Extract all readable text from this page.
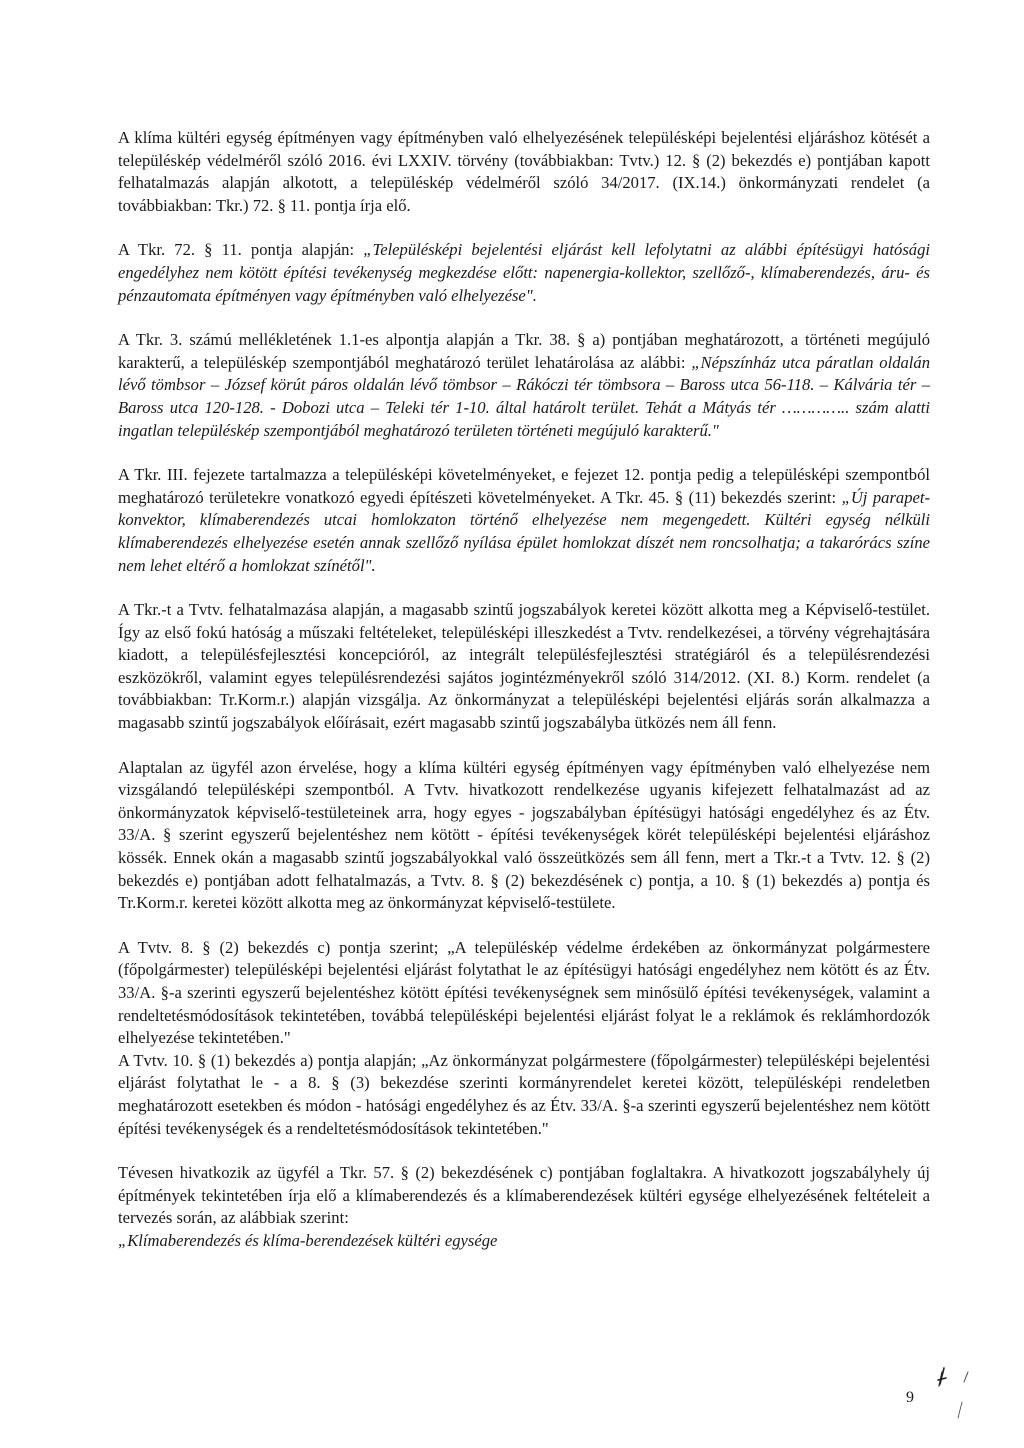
A klíma kültéri egység építményen vagy építményben való elhelyezésének településképi bejelentési eljáráshoz kötését a településkép védelméről szóló 2016. évi LXXIV. törvény (továbbiakban: Tvtv.) 12. § (2) bekezdés e) pontjában kapott felhatalmazás alapján alkotott, a településkép védelméről szóló 34/2017. (IX.14.) önkormányzati rendelet (a továbbiakban: Tkr.) 72. § 11. pontja írja elő.

A Tkr. 72. § 11. pontja alapján: „Településképi bejelentési eljárást kell lefolytatni az alábbi építésügyi hatósági engedélyhez nem kötött építési tevékenység megkezdése előtt: napenergia-kollektor, szellőző-, klímaberendezés, áru- és pénzautomata építményen vagy építményben való elhelyezése".

A Tkr. 3. számú mellékletének 1.1-es alpontja alapján a Tkr. 38. § a) pontjában meghatározott, a történeti megújuló karakterű, a településkép szempontjából meghatározó terület lehatárolása az alábbi: „Népszínház utca páratlan oldalán lévő tömbsor – József körút páros oldalán lévő tömbsor – Rákóczi tér tömbsora – Baross utca 56-118. – Kálvária tér – Baross utca 120-128. - Dobozi utca – Teleki tér 1-10. által határolt terület. Tehát a Mátyás tér ………….. szám alatti ingatlan településkép szempontjából meghatározó területen történeti megújuló karakterű."

A Tkr. III. fejezete tartalmazza a településképi követelményeket, e fejezet 12. pontja pedig a településképi szempontból meghatározó területekre vonatkozó egyedi építészeti követelményeket. A Tkr. 45. § (11) bekezdés szerint: „Új parapet-konvektor, klímaberendezés utcai homlokzaton történő elhelyezése nem megengedett. Kültéri egység nélküli klímaberendezés elhelyezése esetén annak szellőző nyílása épület homlokzat díszét nem roncsolhatja; a takarórács színe nem lehet eltérő a homlokzat színétől".

A Tkr.-t a Tvtv. felhatalmazása alapján, a magasabb szintű jogszabályok keretei között alkotta meg a Képviselő-testület. Így az első fokú hatóság a műszaki feltételeket, településképi illeszkedést a Tvtv. rendelkezései, a törvény végrehajtására kiadott, a településfejlesztési koncepcióról, az integrált településfejlesztési stratégiáról és a településrendezési eszközökről, valamint egyes településrendezési sajátos jogintézményekről szóló 314/2012. (XI. 8.) Korm. rendelet (a továbbiakban: Tr.Korm.r.) alapján vizsgálja. Az önkormányzat a településképi bejelentési eljárás során alkalmazza a magasabb szintű jogszabályok előírásait, ezért magasabb szintű jogszabályba ütközés nem áll fenn.

Alaptalan az ügyfél azon érvelése, hogy a klíma kültéri egység építményen vagy építményben való elhelyezése nem vizsgálandó településképi szempontból. A Tvtv. hivatkozott rendelkezése ugyanis kifejezett felhatalmazást ad az önkormányzatok képviselő-testületeinek arra, hogy egyes - jogszabályban építésügyi hatósági engedélyhez és az Étv. 33/A. § szerint egyszerű bejelentéshez nem kötött - építési tevékenységek körét településképi bejelentési eljáráshoz kössék. Ennek okán a magasabb szintű jogszabályokkal való összeütközés sem áll fenn, mert a Tkr.-t a Tvtv. 12. § (2) bekezdés e) pontjában adott felhatalmazás, a Tvtv. 8. § (2) bekezdésének c) pontja, a 10. § (1) bekezdés a) pontja és Tr.Korm.r. keretei között alkotta meg az önkormányzat képviselő-testülete.

A Tvtv. 8. § (2) bekezdés c) pontja szerint; „A településkép védelme érdekében az önkormányzat polgármestere (főpolgármester) településképi bejelentési eljárást folytathat le az építésügyi hatósági engedélyhez nem kötött és az Étv. 33/A. §-a szerinti egyszerű bejelentéshez kötött építési tevékenységnek sem minősülő építési tevékenységek, valamint a rendeltetésmódosítások tekintetében, továbbá településképi bejelentési eljárást folyat le a reklámok és reklámhordozók elhelyezése tekintetében."

A Tvtv. 10. § (1) bekezdés a) pontja alapján; „Az önkormányzat polgármestere (főpolgármester) településképi bejelentési eljárást folytathat le - a 8. § (3) bekezdése szerinti kormányrendelet keretei között, településképi rendeletben meghatározott esetekben és módon - hatósági engedélyhez és az Étv. 33/A. §-a szerinti egyszerű bejelentéshez nem kötött építési tevékenységek és a rendeltetésmódosítások tekintetében."

Tévesen hivatkozik az ügyfél a Tkr. 57. § (2) bekezdésének c) pontjában foglaltakra. A hivatkozott jogszabályhely új építmények tekintetében írja elő a klímaberendezés és a klímaberendezések kültéri egysége elhelyezésének feltételeit a tervezés során, az alábbiak szerint:

„Klímaberendezés és klíma-berendezések kültéri egysége

9
